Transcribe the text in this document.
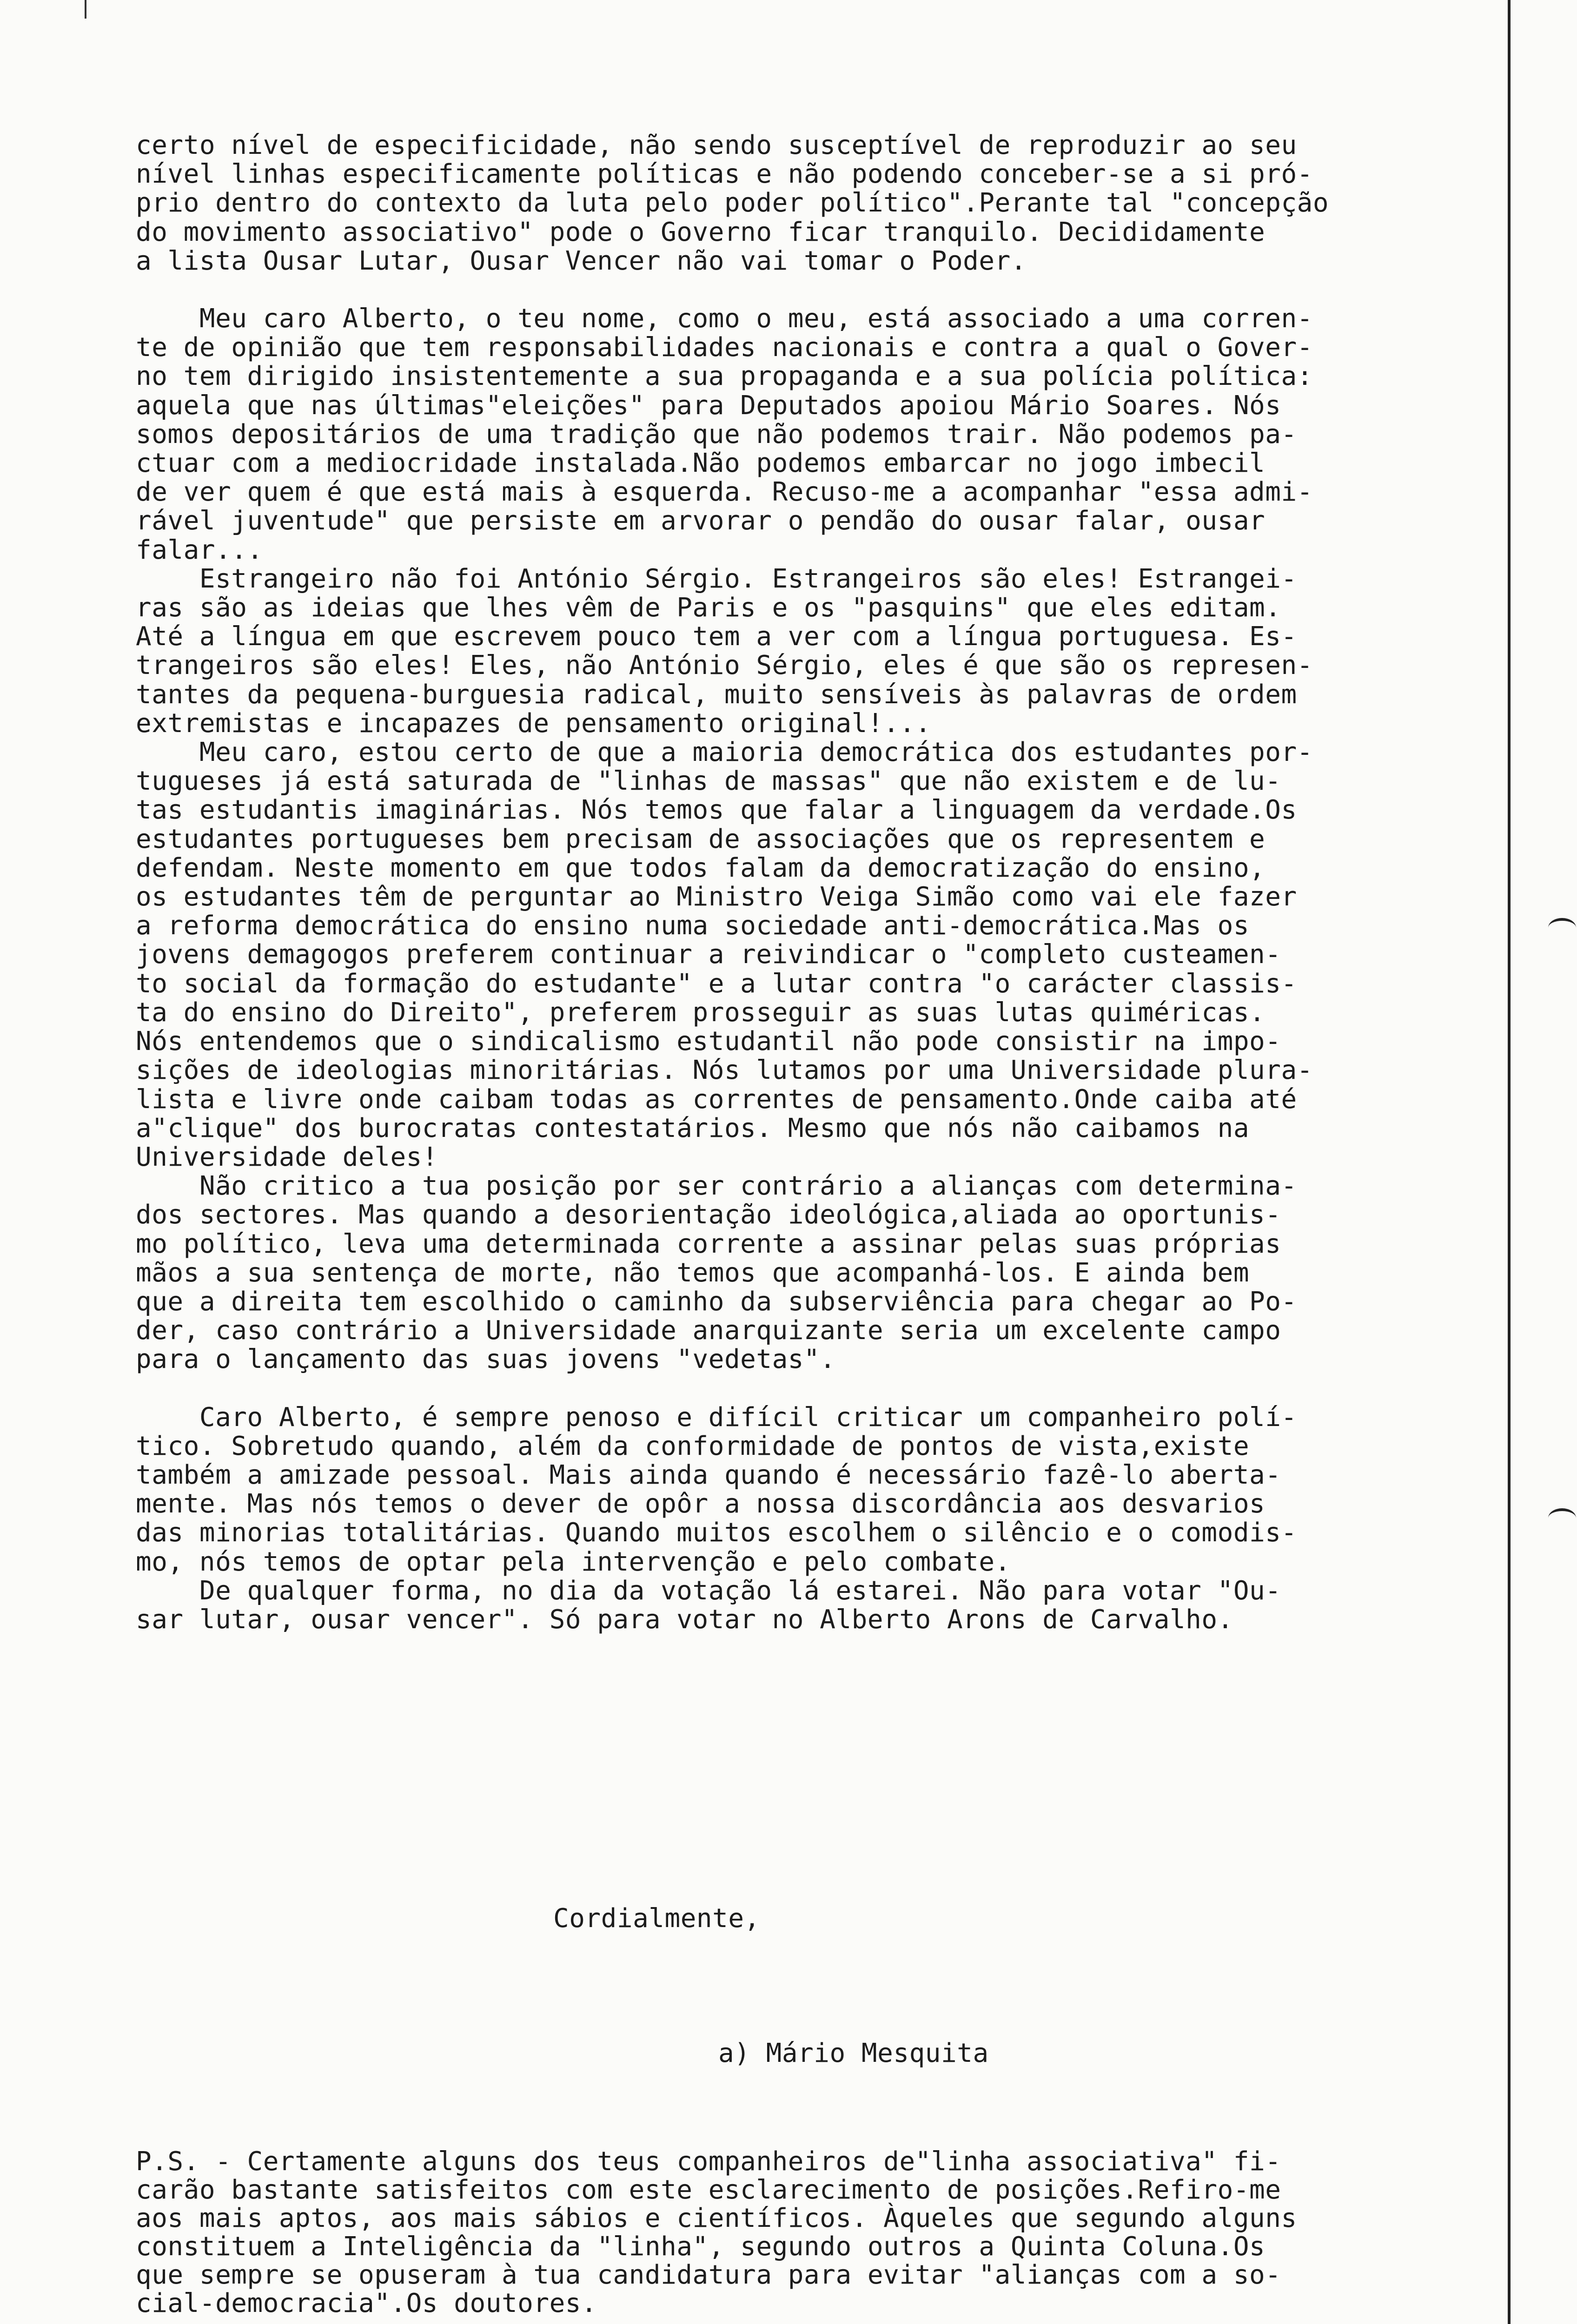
certo nível de especificidade, não sendo susceptível de reproduzir ao seu
nível linhas especificamente políticas e não podendo conceber-se a si pró-
prio dentro do contexto da luta pelo poder político".Perante tal "concepção
do movimento associativo" pode o Governo ficar tranquilo. Decididamente
a lista Ousar Lutar, Ousar Vencer não vai tomar o Poder.

Meu caro Alberto, o teu nome, como o meu, está associado a uma corren-
te de opinião que tem responsabilidades nacionais e contra a qual o Gover-
no tem dirigido insistentemente a sua propaganda e a sua polícia política:
aquela que nas últimas"eleições" para Deputados apoiou Mário Soares. Nós
somos depositários de uma tradição que não podemos trair. Não podemos pa-
ctuar com a mediocridade instalada.Não podemos embarcar no jogo imbecil
de ver quem é que está mais à esquerda. Recuso-me a acompanhar "essa admi-
rável juventude" que persiste em arvorar o pendão do ousar falar, ousar
falar...

Estrangeiro não foi António Sérgio. Estrangeiros são eles! Estrangei-
ras são as ideias que lhes vêm de Paris e os "pasquins" que eles editam.
Até a língua em que escrevem pouco tem a ver com a língua portuguesa. Es-
trangeiros são eles! Eles, não António Sérgio, eles é que são os represen-
tantes da pequena-burguesia radical, muito sensíveis às palavras de ordem
extremistas e incapazes de pensamento original!...

Meu caro, estou certo de que a maioria democrática dos estudantes por-
tugueses já está saturada de "linhas de massas" que não existem e de lu-
tas estudantis imaginárias. Nós temos que falar a linguagem da verdade.Os
estudantes portugueses bem precisam de associações que os representem e
defendam. Neste momento em que todos falam da democratização do ensino,
os estudantes têm de perguntar ao Ministro Veiga Simão como vai ele fazer
a reforma democrática do ensino numa sociedade anti-democrática.Mas os
jovens demagogos preferem continuar a reivindicar o "completo custeamen-
to social da formação do estudante" e a lutar contra "o carácter classis-
ta do ensino do Direito", preferem prosseguir as suas lutas quiméricas.
Nós entendemos que o sindicalismo estudantil não pode consistir na impo-
sições de ideologias minoritárias. Nós lutamos por uma Universidade plura-
lista e livre onde caibam todas as correntes de pensamento.Onde caiba até
a"clique" dos burocratas contestatários. Mesmo que nós não caibamos na
Universidade deles!

Não critico a tua posição por ser contrário a alianças com determina-
dos sectores. Mas quando a desorientação ideológica,aliada ao oportunis-
mo político, leva uma determinada corrente a assinar pelas suas próprias
mãos a sua sentença de morte, não temos que acompanhá-los. E ainda bem
que a direita tem escolhido o caminho da subserviência para chegar ao Po-
der, caso contrário a Universidade anarquizante seria um excelente campo
para o lançamento das suas jovens "vedetas".

Caro Alberto, é sempre penoso e difícil criticar um companheiro polí-
tico. Sobretudo quando, além da conformidade de pontos de vista,existe
também a amizade pessoal. Mais ainda quando é necessário fazê-lo aberta-
mente. Mas nós temos o dever de opôr a nossa discordância aos desvarios
das minorias totalitárias. Quando muitos escolhem o silêncio e o comodis-
mo, nós temos de optar pela intervenção e pelo combate.

De qualquer forma, no dia da votação lá estarei. Não para votar "Ou-
sar lutar, ousar vencer". Só para votar no Alberto Arons de Carvalho.

Cordialmente,
a) Mário Mesquita

P.S. - Certamente alguns dos teus companheiros de"linha associativa" fi-
carão bastante satisfeitos com este esclarecimento de posições.Refiro-me
aos mais aptos, aos mais sábios e científicos. Àqueles que segundo alguns
constituem a Inteligência da "linha", segundo outros a Quinta Coluna.Os
que sempre se opuseram à tua candidatura para evitar "alianças com a so-
cial-democracia".Os doutores.
